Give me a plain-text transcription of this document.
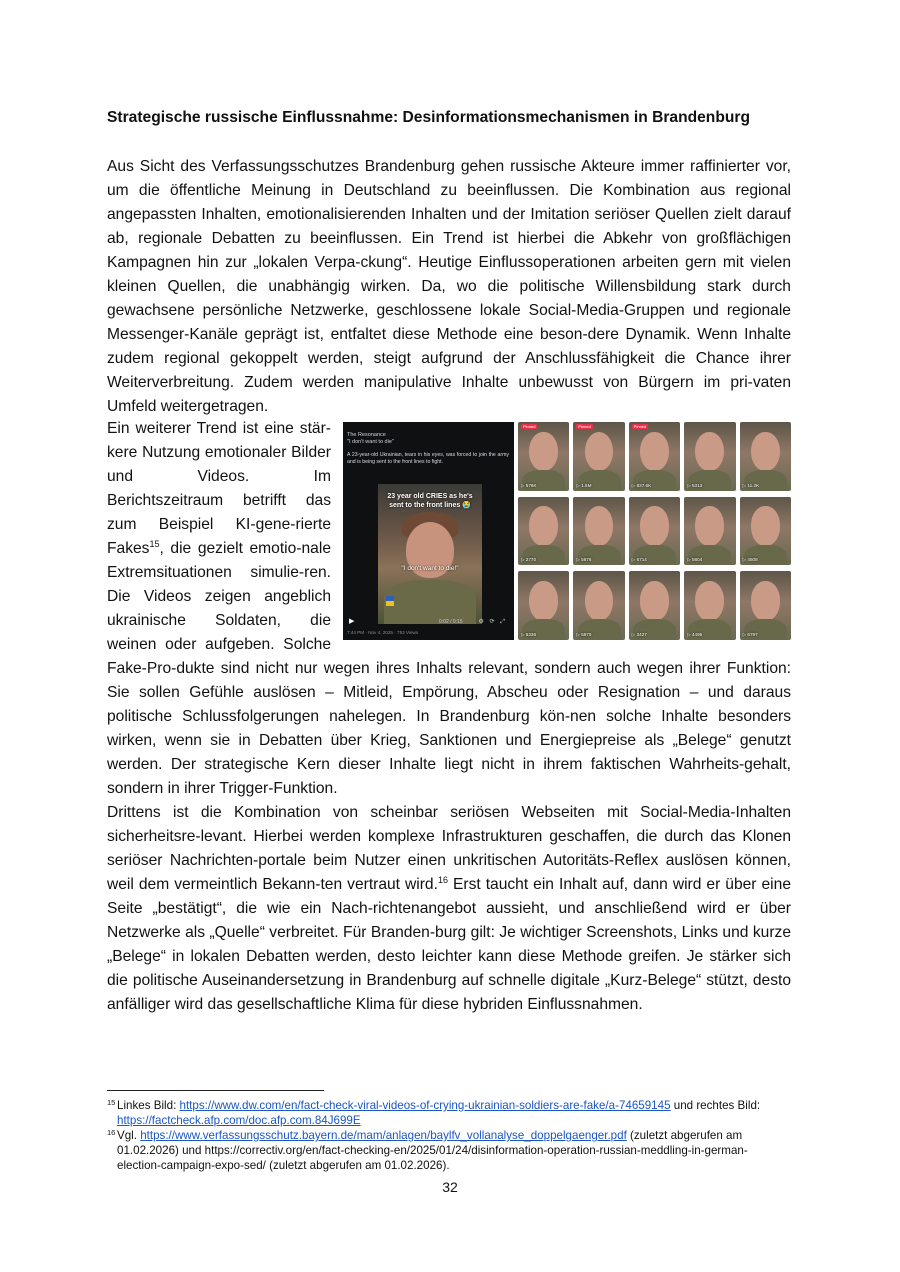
Strategische russische Einflussnahme: Desinformationsmechanismen in Brandenburg

Aus Sicht des Verfassungsschutzes Brandenburg gehen russische Akteure immer raffinierter vor, um die öffentliche Meinung in Deutschland zu beeinflussen. Die Kombination aus regional angepassten Inhalten, emotionalisierenden Inhalten und der Imitation seriöser Quellen zielt darauf ab, regionale Debatten zu beeinflussen. Ein Trend ist hierbei die Abkehr von großflächigen Kampagnen hin zur „lokalen Verpa-ckung“. Heutige Einflussoperationen arbeiten gern mit vielen kleinen Quellen, die unabhängig wirken. Da, wo die politische Willensbildung stark durch gewachsene persönliche Netzwerke, geschlossene lokale Social-Media-Gruppen und regionale Messenger-Kanäle geprägt ist, entfaltet diese Methode eine beson-dere Dynamik. Wenn Inhalte zudem regional gekoppelt werden, steigt aufgrund der Anschlussfähigkeit die Chance ihrer Weiterverbreitung. Zudem werden manipulative Inhalte unbewusst von Bürgern im pri-vaten Umfeld weitergetragen.

The Resonance
"I don't want to die"
A 23-year-old Ukrainian, tears in his eyes, was forced to join the army and is being sent to the front lines to fight.
23 year old CRIES as he's sent to the front lines 😭
"I don't want to die!"
▶	0:02 / 0:15	⚙ ⟳ ⤢
7:44 PM · Nov 4, 2025 · 753 Views
Pinned
▷ 578K
Pinned
▷ 1.5M
Pinned
▷ 837.6K	▷ 5313	▷ 11.2K
▷ 2770	▷ 5676	▷ 6714	▷ 5804	▷ 4508
▷ 5336	▷ 5970	▷ 3427	▷ 4495	▷ 6797
Ein weiterer Trend ist eine stär-kere Nutzung emotionaler Bilder und Videos. Im Berichtszeitraum betrifft das zum Beispiel KI-gene-rierte Fakes$^{15}$, die gezielt emotio-nale Extremsituationen simulie-ren. Die Videos zeigen angeblich ukrainische Soldaten, die weinen oder aufgeben. Solche Fake-Pro-dukte sind nicht nur wegen ihres Inhalts relevant, sondern auch wegen ihrer Funktion: Sie sollen Gefühle auslösen – Mitleid, Empörung, Abscheu oder Resignation – und daraus politische Schlussfolgerungen nahelegen. In Brandenburg kön-nen solche Inhalte besonders wirken, wenn sie in Debatten über Krieg, Sanktionen und Energiepreise als „Belege“ genutzt werden. Der strategische Kern dieser Inhalte liegt nicht in ihrem faktischen Wahrheits-gehalt, sondern in ihrer Trigger-Funktion.

Drittens ist die Kombination von scheinbar seriösen Webseiten mit Social-Media-Inhalten sicherheitsre-levant. Hierbei werden komplexe Infrastrukturen geschaffen, die durch das Klonen seriöser Nachrichten-portale beim Nutzer einen unkritischen Autoritäts-Reflex auslösen können, weil dem vermeintlich Bekann-ten vertraut wird.$^{16}$ Erst taucht ein Inhalt auf, dann wird er über eine Seite „bestätigt“, die wie ein Nach-richtenangebot aussieht, und anschließend wird er über Netzwerke als „Quelle“ verbreitet. Für Branden-burg gilt: Je wichtiger Screenshots, Links und kurze „Belege“ in lokalen Debatten werden, desto leichter kann diese Methode greifen. Je stärker sich die politische Auseinandersetzung in Brandenburg auf schnelle digitale „Kurz-Belege“ stützt, desto anfälliger wird das gesellschaftliche Klima für diese hybriden Einflussnahmen.

15 Linkes Bild: https://www.dw.com/en/fact-check-viral-videos-of-crying-ukrainian-soldiers-are-fake/a-74659145 und rechtes Bild: https://factcheck.afp.com/doc.afp.com.84J699E
16 Vgl. https://www.verfassungsschutz.bayern.de/mam/anlagen/baylfv_vollanalyse_doppelgaenger.pdf (zuletzt abgerufen am 01.02.2026) und https://correctiv.org/en/fact-checking-en/2025/01/24/disinformation-operation-russian-meddling-in-german-election-campaign-expo-sed/ (zuletzt abgerufen am 01.02.2026).
32
